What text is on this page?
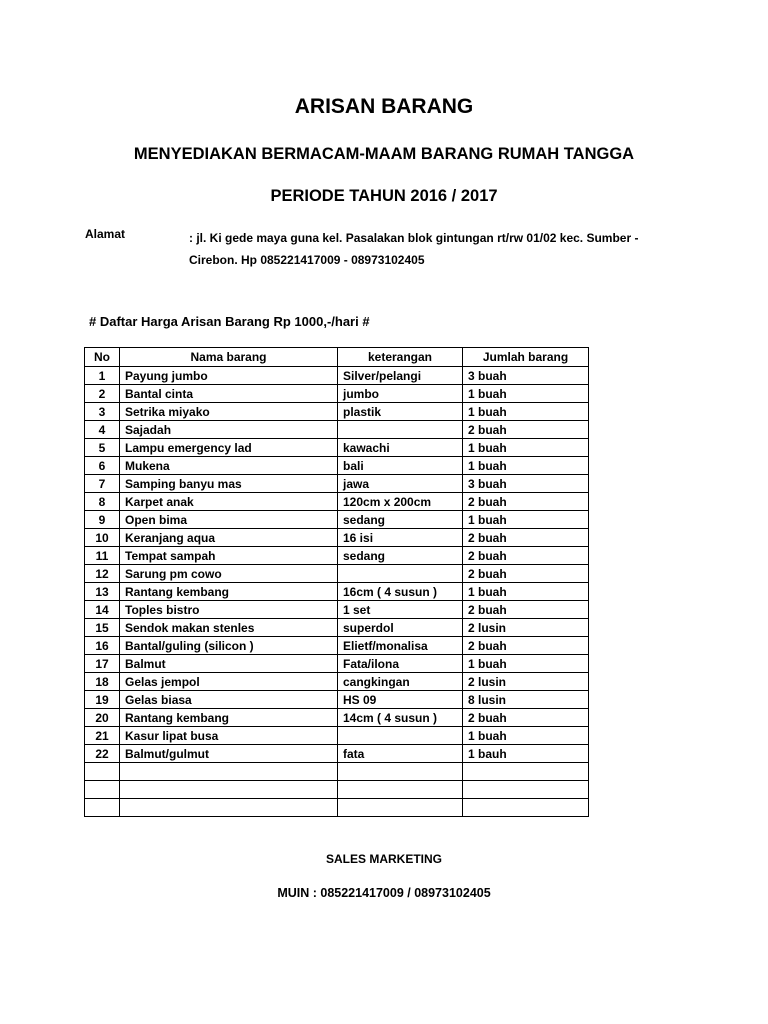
ARISAN BARANG
MENYEDIAKAN BERMACAM-MAAM BARANG RUMAH TANGGA
PERIODE TAHUN 2016 / 2017
Alamat	: jl. Ki gede maya guna kel. Pasalakan blok gintungan rt/rw 01/02 kec. Sumber -
Cirebon. Hp 085221417009 - 08973102405
# Daftar Harga Arisan Barang Rp 1000,-/hari #
No	Nama barang	keterangan	Jumlah barang
1	Payung jumbo	Silver/pelangi	3 buah
2	Bantal cinta	jumbo	1 buah
3	Setrika miyako	plastik	1 buah
4	Sajadah		2 buah
5	Lampu emergency lad	kawachi	1 buah
6	Mukena	bali	1 buah
7	Samping banyu mas	jawa	3 buah
8	Karpet anak	120cm x 200cm	2 buah
9	Open bima	sedang	1 buah
10	Keranjang aqua	16 isi	2 buah
11	Tempat sampah	sedang	2 buah
12	Sarung pm cowo		2 buah
13	Rantang kembang	16cm ( 4 susun )	1 buah
14	Toples bistro	1 set	2 buah
15	Sendok makan stenles	superdol	2 lusin
16	Bantal/guling (silicon )	Elietf/monalisa	2 buah
17	Balmut	Fata/ilona	1 buah
18	Gelas jempol	cangkingan	2 lusin
19	Gelas biasa	HS 09	8 lusin
20	Rantang kembang	14cm ( 4 susun )	2 buah
21	Kasur lipat busa		1 buah
22	Balmut/gulmut	fata	1 bauh

SALES MARKETING
MUIN : 085221417009 / 08973102405
